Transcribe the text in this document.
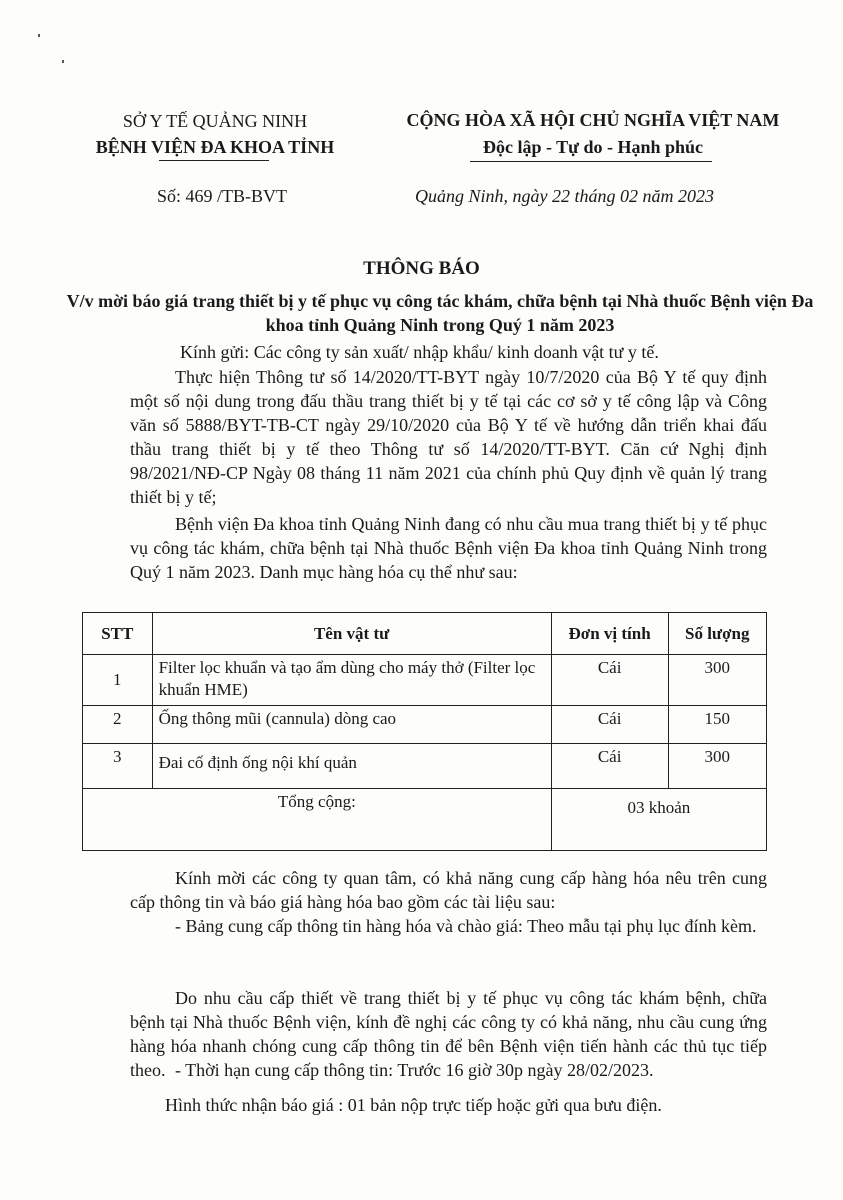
SỞ Y TẾ QUẢNG NINH
BỆNH VIỆN ĐA KHOA TỈNH
CỘNG HÒA XÃ HỘI CHỦ NGHĨA VIỆT NAM
Độc lập - Tự do - Hạnh phúc
Số: 469 /TB-BVT	Quảng Ninh, ngày 22 tháng 02 năm 2023
THÔNG BÁO
V/v mời báo giá trang thiết bị y tế phục vụ công tác khám, chữa bệnh tại Nhà thuốc Bệnh viện Đa khoa tỉnh Quảng Ninh trong Quý 1 năm 2023
Kính gửi: Các công ty sản xuất/ nhập khẩu/ kinh doanh vật tư y tế.
Thực hiện Thông tư số 14/2020/TT-BYT ngày 10/7/2020 của Bộ Y tế quy định một số nội dung trong đấu thầu trang thiết bị y tế tại các cơ sở y tế công lập và Công văn số 5888/BYT-TB-CT ngày 29/10/2020 của Bộ Y tế về hướng dẫn triển khai đấu thầu trang thiết bị y tế theo Thông tư số 14/2020/TT-BYT. Căn cứ Nghị định 98/2021/NĐ-CP Ngày 08 tháng 11 năm 2021 của chính phủ Quy định về quản lý trang thiết bị y tế;
Bệnh viện Đa khoa tỉnh Quảng Ninh đang có nhu cầu mua trang thiết bị y tế phục vụ công tác khám, chữa bệnh tại Nhà thuốc Bệnh viện Đa khoa tỉnh Quảng Ninh trong Quý 1 năm 2023. Danh mục hàng hóa cụ thể như sau:
STT	Tên vật tư	Đơn vị tính	Số lượng
1	Filter lọc khuẩn và tạo ẩm dùng cho máy thở (Filter lọc khuẩn HME)	Cái	300
2	Ống thông mũi (cannula) dòng cao	Cái	150
3	Đai cố định ống nội khí quản	Cái	300
Tổng cộng:		03 khoản	
Kính mời các công ty quan tâm, có khả năng cung cấp hàng hóa nêu trên cung cấp thông tin và báo giá hàng hóa bao gồm các tài liệu sau:
- Bảng cung cấp thông tin hàng hóa và chào giá: Theo mẫu tại phụ lục đính kèm.
Do nhu cầu cấp thiết về trang thiết bị y tế phục vụ công tác khám bệnh, chữa bệnh tại Nhà thuốc Bệnh viện, kính đề nghị các công ty có khả năng, nhu cầu cung ứng hàng hóa nhanh chóng cung cấp thông tin để bên Bệnh viện tiến hành các thủ tục tiếp theo. - Thời hạn cung cấp thông tin: Trước 16 giờ 30p ngày 28/02/2023.
Hình thức nhận báo giá : 01 bản nộp trực tiếp hoặc gửi qua bưu điện.
